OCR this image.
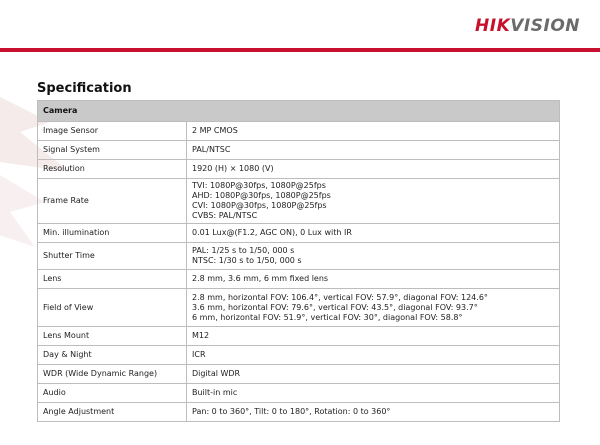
HIKVISION
Specification
Camera	
Image Sensor	2 MP CMOS

Signal System	PAL/NTSC

Resolution	1920 (H) × 1080 (V)

Frame Rate	TVI: 1080P@30fps, 1080P@25fps
AHD: 1080P@30fps, 1080P@25fps
CVI: 1080P@30fps, 1080P@25fps
CVBS: PAL/NTSC

Min. illumination	0.01 Lux@(F1.2, AGC ON), 0 Lux with IR

Shutter Time	PAL: 1/25 s to 1/50, 000 s
NTSC: 1/30 s to 1/50, 000 s

Lens	2.8 mm, 3.6 mm, 6 mm fixed lens

Field of View	2.8 mm, horizontal FOV: 106.4°, vertical FOV: 57.9°, diagonal FOV: 124.6°
3.6 mm, horizontal FOV: 79.6°, vertical FOV: 43.5°, diagonal FOV: 93.7°
6 mm, horizontal FOV: 51.9°, vertical FOV: 30°, diagonal FOV: 58.8°

Lens Mount	M12

Day & Night	ICR

WDR (Wide Dynamic Range)	Digital WDR

Audio	Built-in mic

Angle Adjustment	Pan: 0 to 360°, Tilt: 0 to 180°, Rotation: 0 to 360°
